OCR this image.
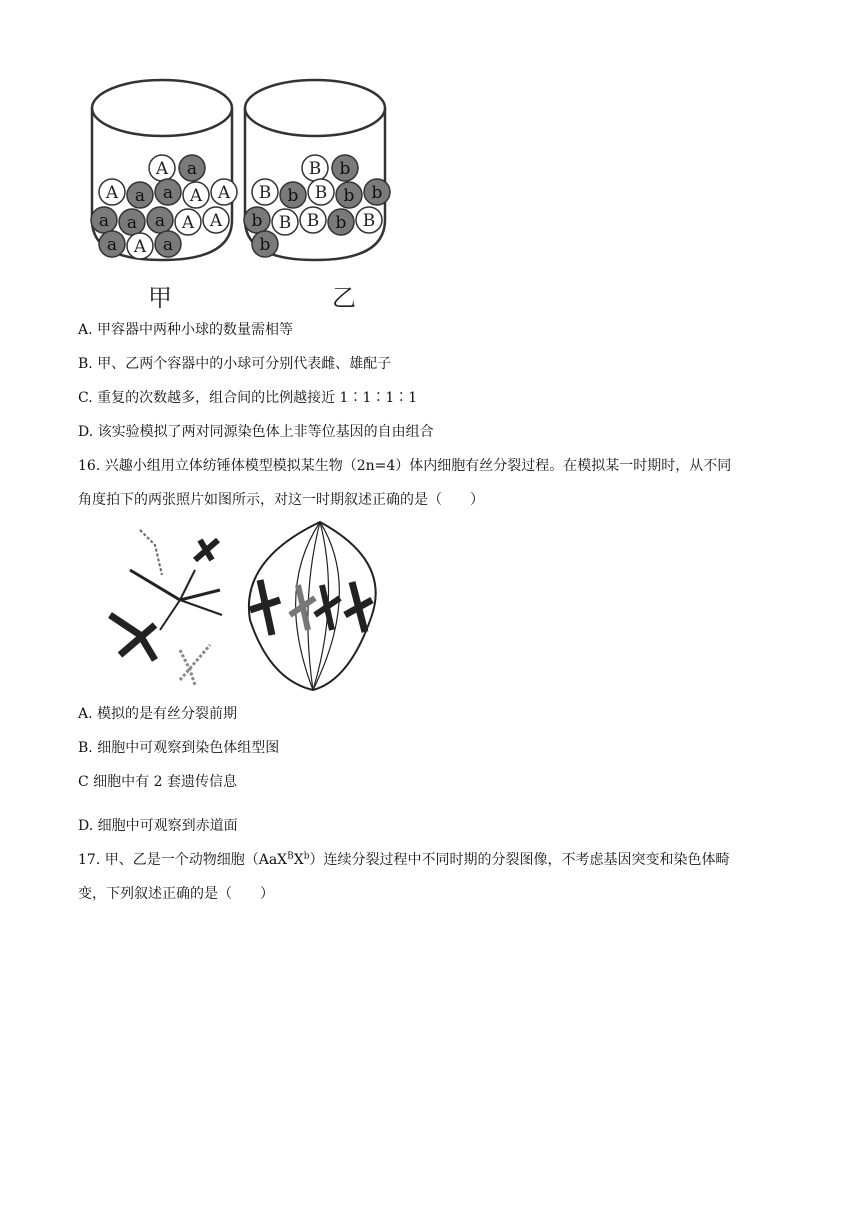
A a
A a a A A
a a a A A
a A a
B b
B b B b b
b B B b B
b
甲	乙
A. 甲容器中两种小球的数量需相等
B. 甲、乙两个容器中的小球可分别代表雌、雄配子
C. 重复的次数越多，组合间的比例越接近 1∶1∶1∶1
D. 该实验模拟了两对同源染色体上非等位基因的自由组合
16. 兴趣小组用立体纺锤体模型模拟某生物（2n=4）体内细胞有丝分裂过程。在模拟某一时期时，从不同
角度拍下的两张照片如图所示，对这一时期叙述正确的是（　　）
A. 模拟的是有丝分裂前期
B. 细胞中可观察到染色体组型图
C 细胞中有 2 套遗传信息
D. 细胞中可观察到赤道面
17. 甲、乙是一个动物细胞$(AaX^BX^b)$连续分裂过程中不同时期的分裂图像，不考虑基因突变和染色体畸
变，下列叙述正确的是（　　）
